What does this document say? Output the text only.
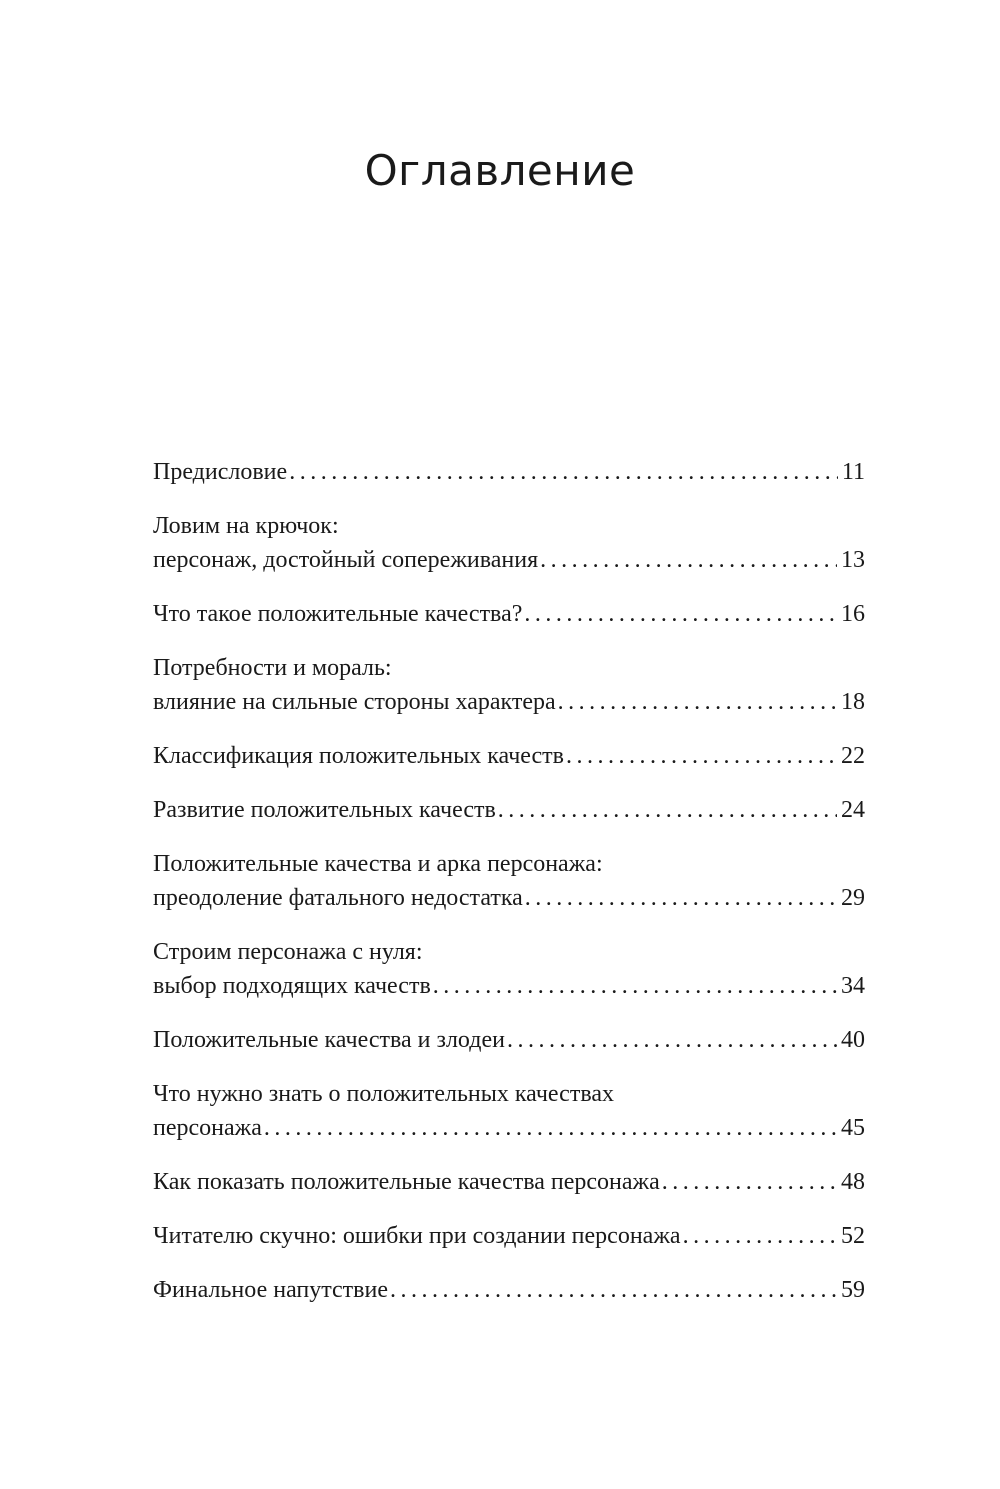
Оглавление
Предисловие .....	11
Ловим на крючок:
персонаж, достойный сопереживания .....	13
Что такое положительные качества? .....	16
Потребности и мораль:
влияние на сильные стороны характера .....	18
Классификация положительных качеств .....	22
Развитие положительных качеств .....	24
Положительные качества и арка персонажа:
преодоление фатального недостатка .....	29
Строим персонажа с нуля:
выбор подходящих качеств .....	34
Положительные качества и злодеи .....	40
Что нужно знать о положительных качествах
персонажа .....	45
Как показать положительные качества персонажа .....	48
Читателю скучно: ошибки при создании персонажа .....	52
Финальное напутствие .....	59
